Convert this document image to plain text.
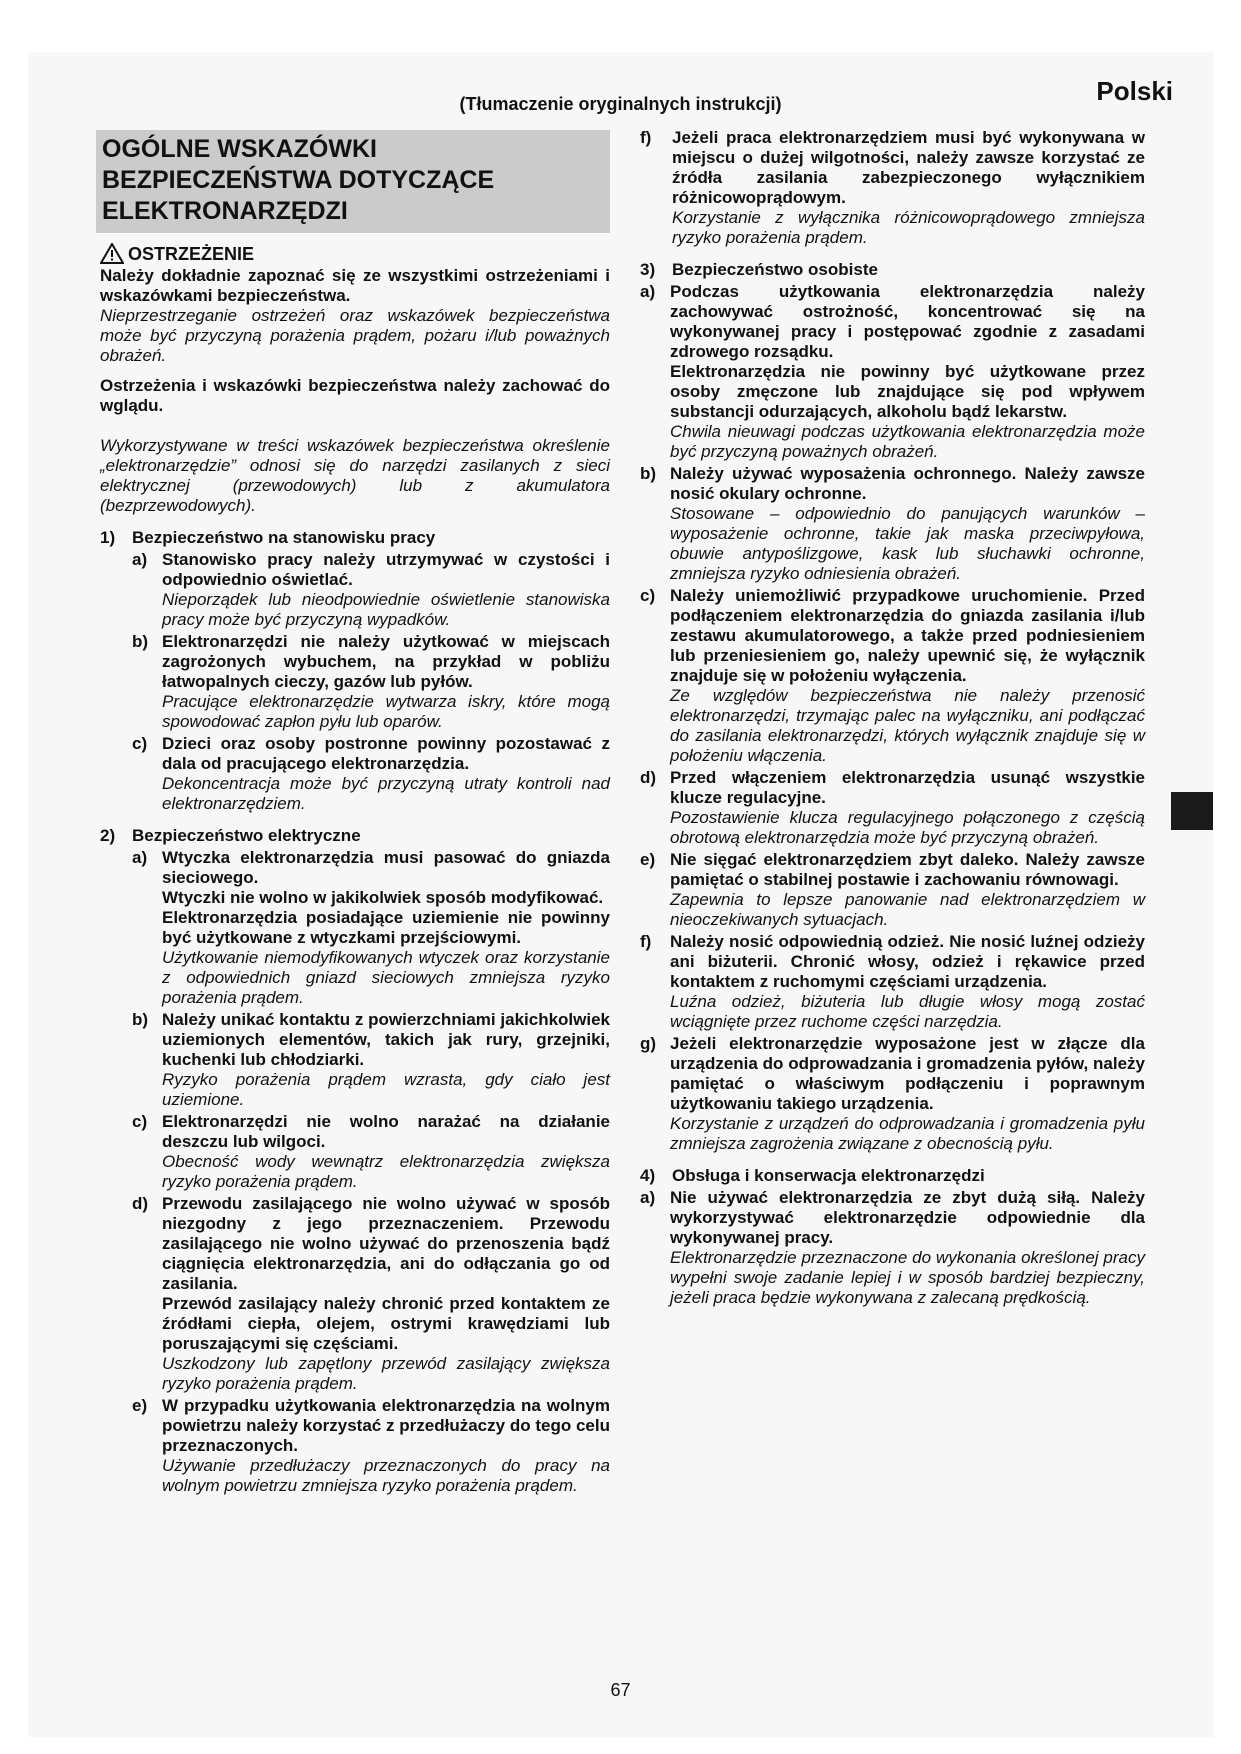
Polski
(Tłumaczenie oryginalnych instrukcji)
OGÓLNE WSKAZÓWKI BEZPIECZEŃSTWA DOTYCZĄCE ELEKTRONARZĘDZI
OSTRZEŻENIE
Należy dokładnie zapoznać się ze wszystkimi ostrzeżeniami i wskazówkami bezpieczeństwa.
Nieprzestrzeganie ostrzeżeń oraz wskazówek bezpieczeństwa może być przyczyną porażenia prądem, pożaru i/lub poważnych obrażeń.
Ostrzeżenia i wskazówki bezpieczeństwa należy zachować do wglądu.
Wykorzystywane w treści wskazówek bezpieczeństwa określenie „elektronarzędzie” odnosi się do narzędzi zasilanych z sieci elektrycznej (przewodowych) lub z akumulatora (bezprzewodowych).
1) Bezpieczeństwo na stanowisku pracy
a) Stanowisko pracy należy utrzymywać w czystości i odpowiednio oświetlać.
Nieporządek lub nieodpowiednie oświetlenie stanowiska pracy może być przyczyną wypadków.
b) Elektronarzędzi nie należy użytkować w miejscach zagrożonych wybuchem, na przykład w pobliżu łatwopalnych cieczy, gazów lub pyłów.
Pracujące elektronarzędzie wytwarza iskry, które mogą spowodować zapłon pyłu lub oparów.
c) Dzieci oraz osoby postronne powinny pozostawać z dala od pracującego elektronarzędzia.
Dekoncentracja może być przyczyną utraty kontroli nad elektronarzędziem.
2) Bezpieczeństwo elektryczne
a) Wtyczka elektronarzędzia musi pasować do gniazda sieciowego.
Wtyczki nie wolno w jakikolwiek sposób modyfikować.
Elektronarzędzia posiadające uziemienie nie powinny być użytkowane z wtyczkami przejściowymi.
Użytkowanie niemodyfikowanych wtyczek oraz korzystanie z odpowiednich gniazd sieciowych zmniejsza ryzyko porażenia prądem.
b) Należy unikać kontaktu z powierzchniami jakichkolwiek uziemionych elementów, takich jak rury, grzejniki, kuchenki lub chłodziarki.
Ryzyko porażenia prądem wzrasta, gdy ciało jest uziemione.
c) Elektronarzędzi nie wolno narażać na działanie deszczu lub wilgoci.
Obecność wody wewnątrz elektronarzędzia zwiększa ryzyko porażenia prądem.
d) Przewodu zasilającego nie wolno używać w sposób niezgodny z jego przeznaczeniem. Przewodu zasilającego nie wolno używać do przenoszenia bądź ciągnięcia elektronarzędzia, ani do odłączania go od zasilania.
Przewód zasilający należy chronić przed kontaktem ze źródłami ciepła, olejem, ostrymi krawędziami lub poruszającymi się częściami.
Uszkodzony lub zapętlony przewód zasilający zwiększa ryzyko porażenia prądem.
e) W przypadku użytkowania elektronarzędzia na wolnym powietrzu należy korzystać z przedłużaczy do tego celu przeznaczonych.
Używanie przedłużaczy przeznaczonych do pracy na wolnym powietrzu zmniejsza ryzyko porażenia prądem.
f)	Jeżeli praca elektronarzędziem musi być wykonywana w miejscu o dużej wilgotności, należy zawsze korzystać ze źródła zasilania zabezpieczonego wyłącznikiem różnicowoprądowym.
Korzystanie z wyłącznika różnicowoprądowego zmniejsza ryzyko porażenia prądem.
3) Bezpieczeństwo osobiste
a) Podczas użytkowania elektronarzędzia należy zachowywać ostrożność, koncentrować się na wykonywanej pracy i postępować zgodnie z zasadami zdrowego rozsądku.
Elektronarzędzia nie powinny być użytkowane przez osoby zmęczone lub znajdujące się pod wpływem substancji odurzających, alkoholu bądź lekarstw.
Chwila nieuwagi podczas użytkowania elektronarzędzia może być przyczyną poważnych obrażeń.
b) Należy używać wyposażenia ochronnego. Należy zawsze nosić okulary ochronne.
Stosowane – odpowiednio do panujących warunków – wyposażenie ochronne, takie jak maska przeciwpyłowa, obuwie antypoślizgowe, kask lub słuchawki ochronne, zmniejsza ryzyko odniesienia obrażeń.
c) Należy uniemożliwić przypadkowe uruchomienie. Przed podłączeniem elektronarzędzia do gniazda zasilania i/lub zestawu akumulatorowego, a także przed podniesieniem lub przeniesieniem go, należy upewnić się, że wyłącznik znajduje się w położeniu wyłączenia.
Ze względów bezpieczeństwa nie należy przenosić elektronarzędzi, trzymając palec na wyłączniku, ani podłączać do zasilania elektronarzędzi, których wyłącznik znajduje się w położeniu włączenia.
d) Przed włączeniem elektronarzędzia usunąć wszystkie klucze regulacyjne.
Pozostawienie klucza regulacyjnego połączonego z częścią obrotową elektronarzędzia może być przyczyną obrażeń.
e) Nie sięgać elektronarzędziem zbyt daleko. Należy zawsze pamiętać o stabilnej postawie i zachowaniu równowagi.
Zapewnia to lepsze panowanie nad elektronarzędziem w nieoczekiwanych sytuacjach.
f)	Należy nosić odpowiednią odzież. Nie nosić luźnej odzieży ani biżuterii. Chronić włosy, odzież i rękawice przed kontaktem z ruchomymi częściami urządzenia.
Luźna odzież, biżuteria lub długie włosy mogą zostać wciągnięte przez ruchome części narzędzia.
g) Jeżeli elektronarzędzie wyposażone jest w złącze dla urządzenia do odprowadzania i gromadzenia pyłów, należy pamiętać o właściwym podłączeniu i poprawnym użytkowaniu takiego urządzenia.
Korzystanie z urządzeń do odprowadzania i gromadzenia pyłu zmniejsza zagrożenia związane z obecnością pyłu.
4) Obsługa i konserwacja elektronarzędzi
a) Nie używać elektronarzędzia ze zbyt dużą siłą. Należy wykorzystywać elektronarzędzie odpowiednie dla wykonywanej pracy.
Elektronarzędzie przeznaczone do wykonania określonej pracy wypełni swoje zadanie lepiej i w sposób bardziej bezpieczny, jeżeli praca będzie wykonywana z zalecaną prędkością.
67
